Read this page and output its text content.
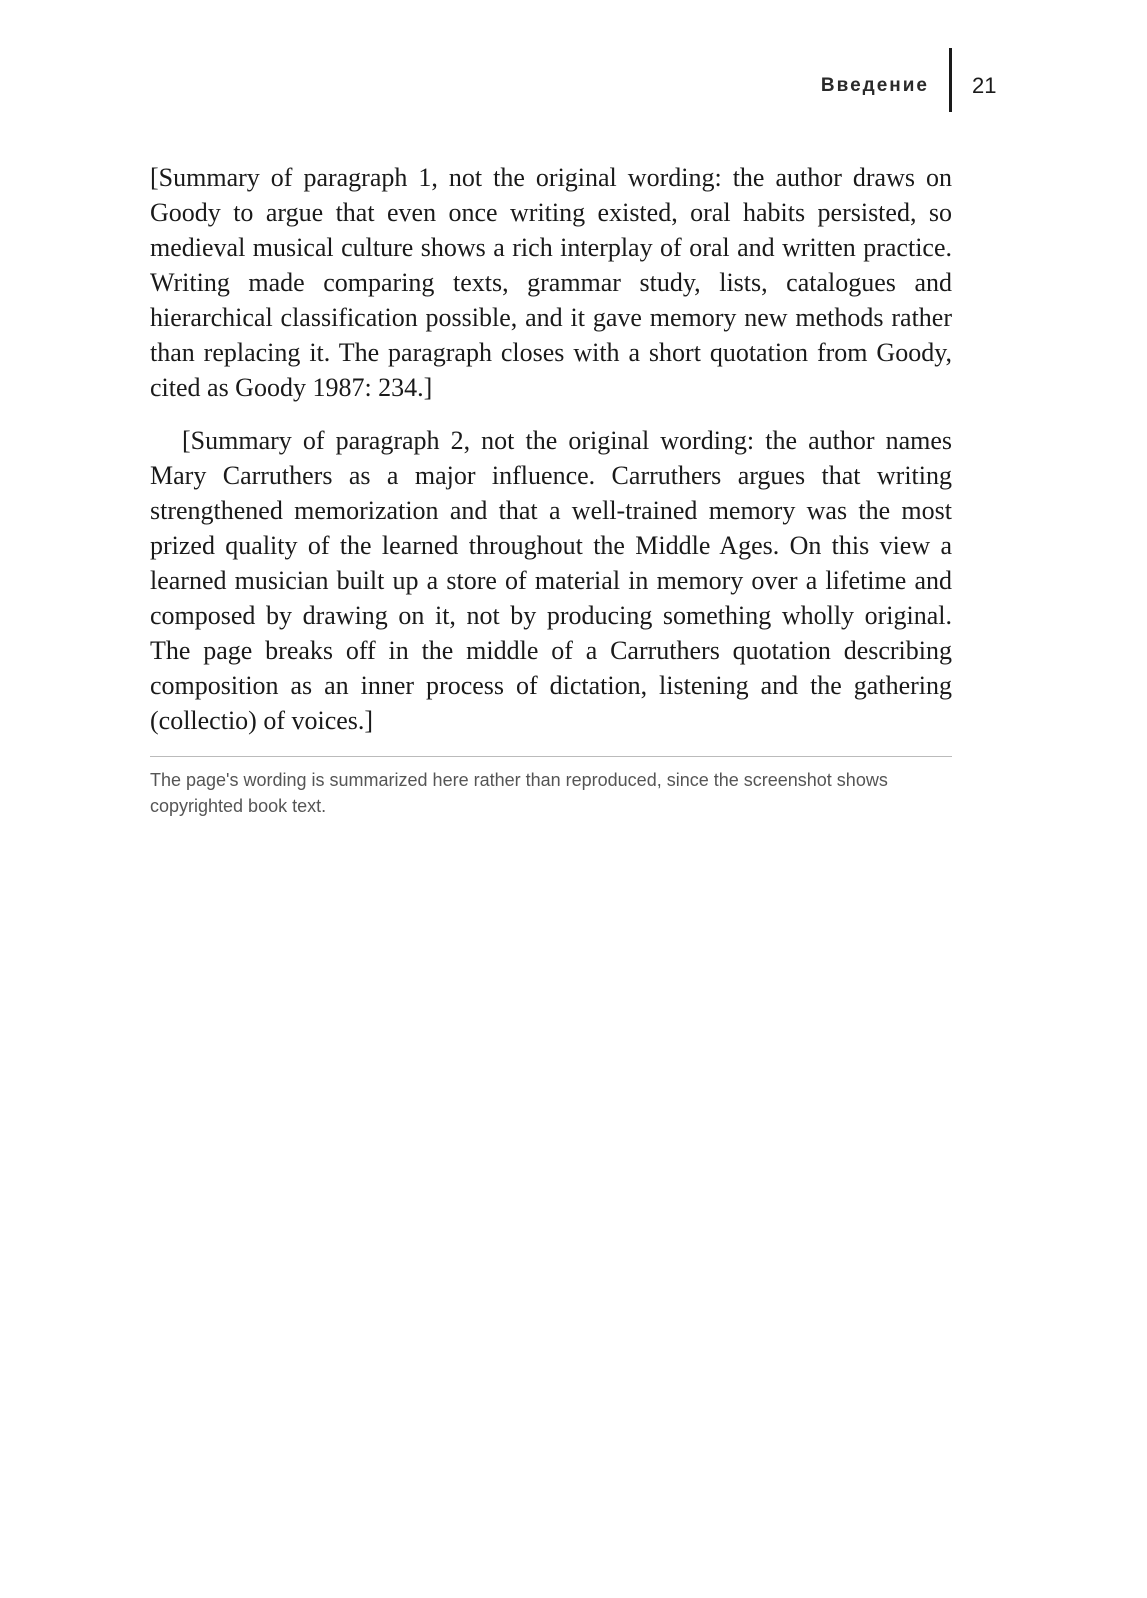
Введение 21

[Summary of paragraph 1, not the original wording: the author draws on Goody to argue that even once writing existed, oral habits persisted, so medieval musical culture shows a rich interplay of oral and written practice. Writing made comparing texts, grammar study, lists, catalogues and hierarchical classification possible, and it gave memory new methods rather than replacing it. The paragraph closes with a short quotation from Goody, cited as Goody 1987: 234.]

[Summary of paragraph 2, not the original wording: the author names Mary Carruthers as a major influence. Carruthers argues that writing strengthened memorization and that a well-trained memory was the most prized quality of the learned throughout the Middle Ages. On this view a learned musician built up a store of material in memory over a lifetime and composed by drawing on it, not by producing something wholly original. The page breaks off in the middle of a Carruthers quotation describing composition as an inner process of dictation, listening and the gathering (collectio) of voices.]

The page's wording is summarized here rather than reproduced, since the screenshot shows copyrighted book text.
